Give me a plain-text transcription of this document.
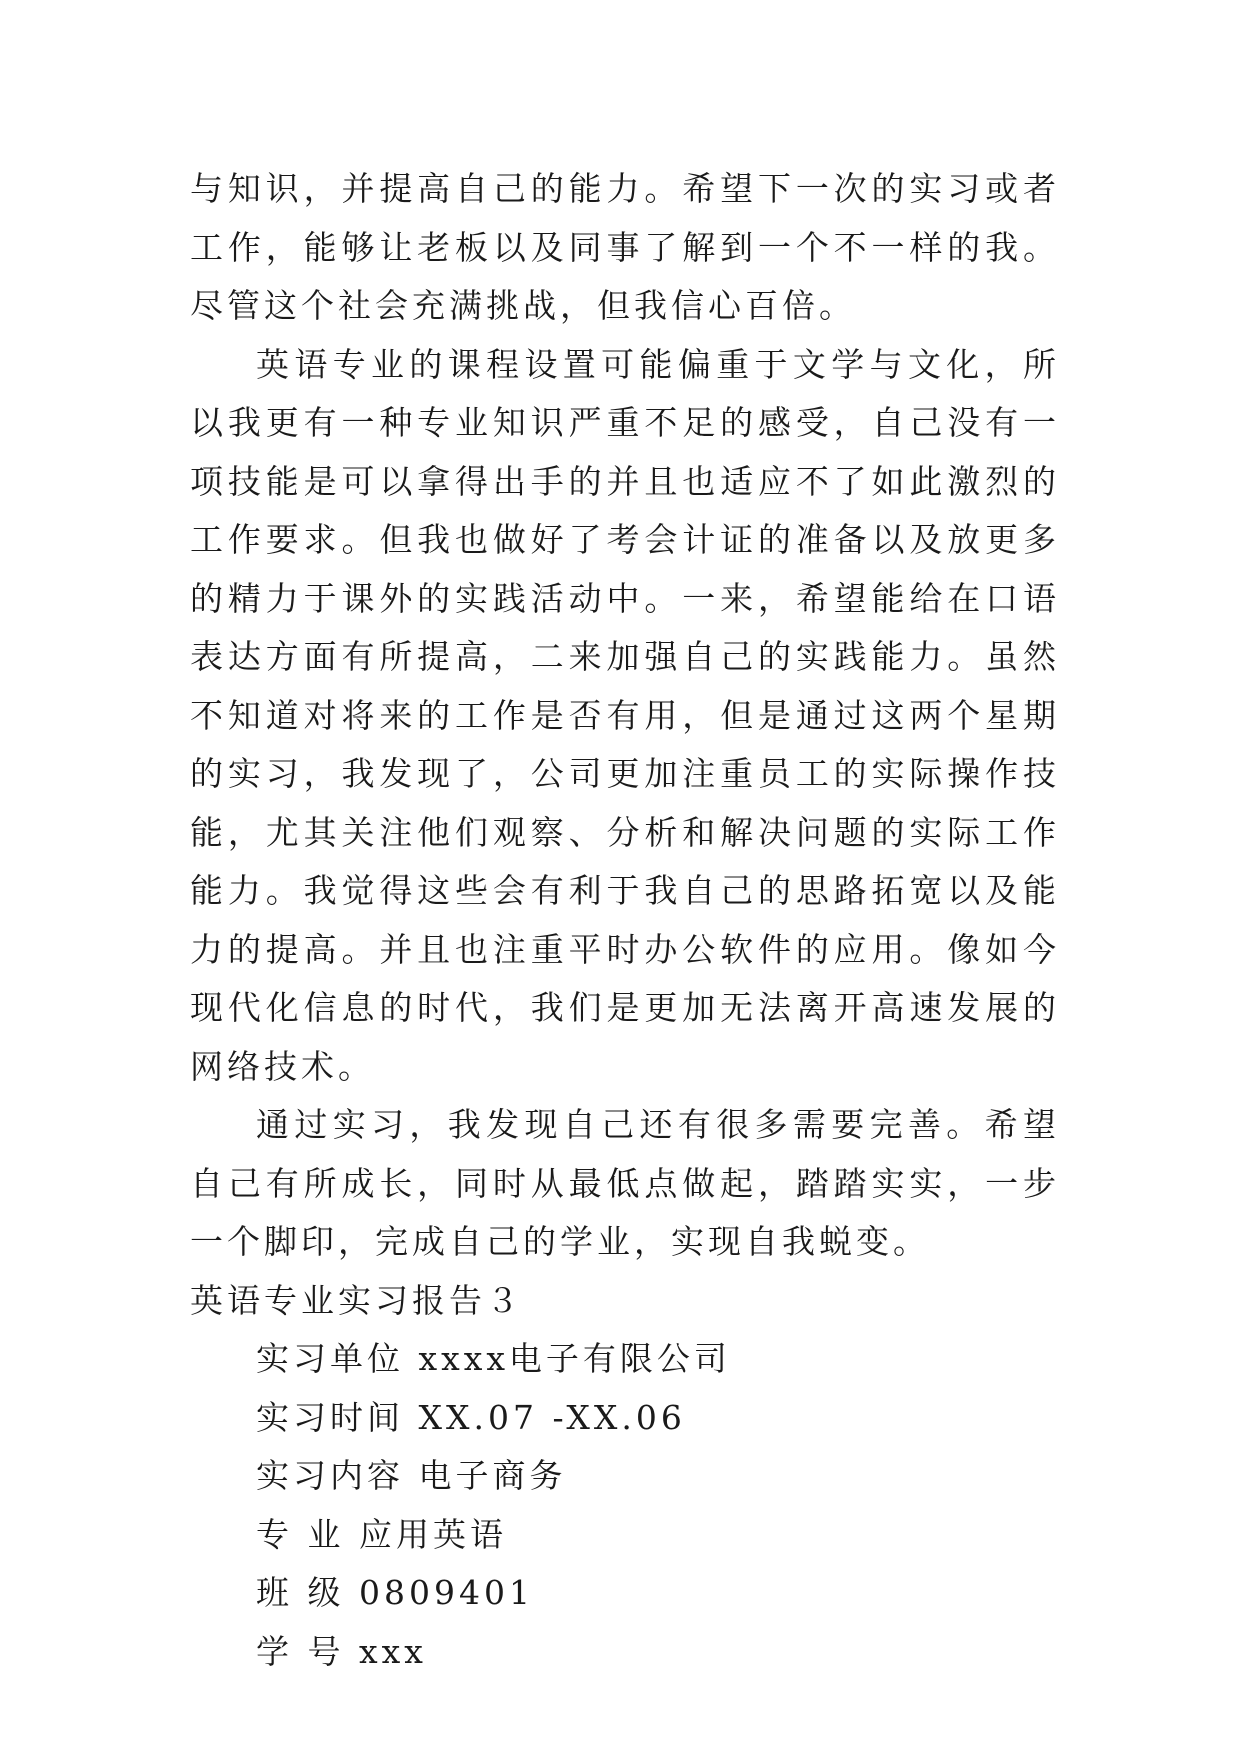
与知识，并提高自己的能力。希望下一次的实习或者工作，能够让老板以及同事了解到一个不一样的我。尽管这个社会充满挑战，但我信心百倍。

英语专业的课程设置可能偏重于文学与文化，所以我更有一种专业知识严重不足的感受，自己没有一项技能是可以拿得出手的并且也适应不了如此激烈的工作要求。但我也做好了考会计证的准备以及放更多的精力于课外的实践活动中。一来，希望能给在口语表达方面有所提高，二来加强自己的实践能力。虽然不知道对将来的工作是否有用，但是通过这两个星期的实习，我发现了，公司更加注重员工的实际操作技能，尤其关注他们观察、分析和解决问题的实际工作能力。我觉得这些会有利于我自己的思路拓宽以及能力的提高。并且也注重平时办公软件的应用。像如今现代化信息的时代，我们是更加无法离开高速发展的网络技术。

通过实习，我发现自己还有很多需要完善。希望自己有所成长，同时从最低点做起，踏踏实实，一步一个脚印，完成自己的学业，实现自我蜕变。

英语专业实习报告３

实习单位 xxxx电子有限公司

实习时间 XX.07 -XX.06

实习内容 电子商务

专 业 应用英语

班 级 0809401

学 号 xxx
